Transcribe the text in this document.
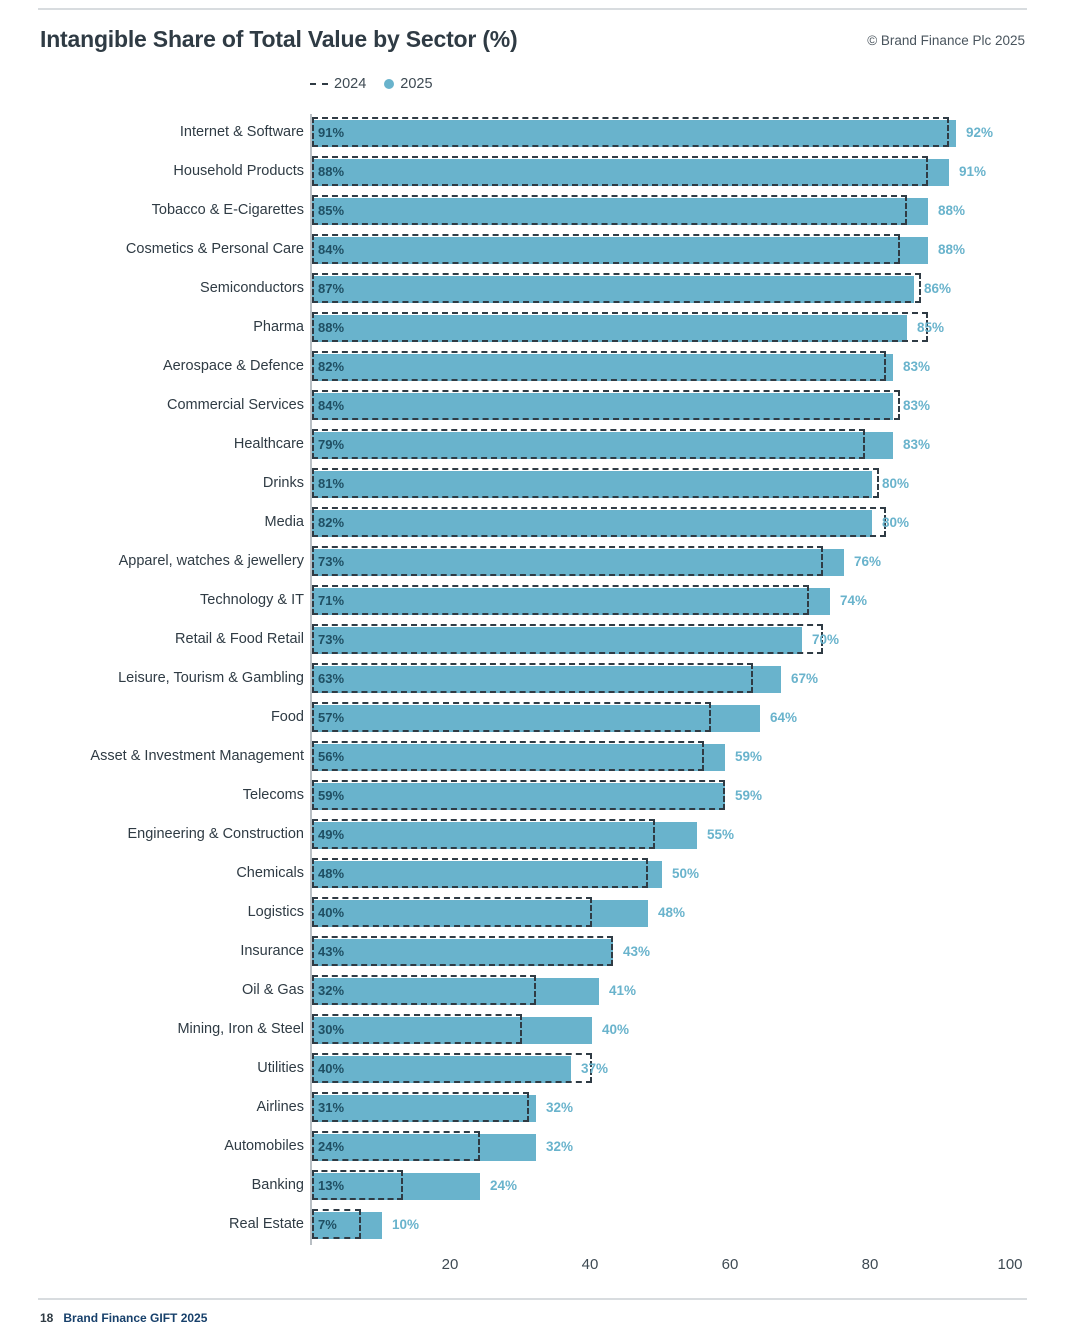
Intangible Share of Total Value by Sector (%)	© Brand Finance Plc 2025
2024 2025
Internet & Software 91%	92%
Household Products 88%	91%
Tobacco & E-Cigarettes 85%	88%
Cosmetics & Personal Care 84%	88%
Semiconductors 87%	86%
Pharma 88%	85%
Aerospace & Defence 82%	83%
Commercial Services 84%	83%
Healthcare 79%	83%
Drinks 81%	80%
Media 82%	80%
Apparel, watches & jewellery 73%	76%
Technology & IT 71%	74%
Retail & Food Retail 73%	70%
Leisure, Tourism & Gambling 63%	67%
Food 57%	64%
Asset & Investment Management 56%	59%
Telecoms 59%	59%
Engineering & Construction 49%	55%
Chemicals 48%	50%
Logistics 40%	48%
Insurance 43%	43%
Oil & Gas 32%	41%
Mining, Iron & Steel 30%	40%
Utilities 40%	37%
Airlines 31%	32%
Automobiles 24%	32%
Banking 13%	24%
Real Estate 7%	10%
20	40	60	80	100
18 Brand Finance GIFT 2025
